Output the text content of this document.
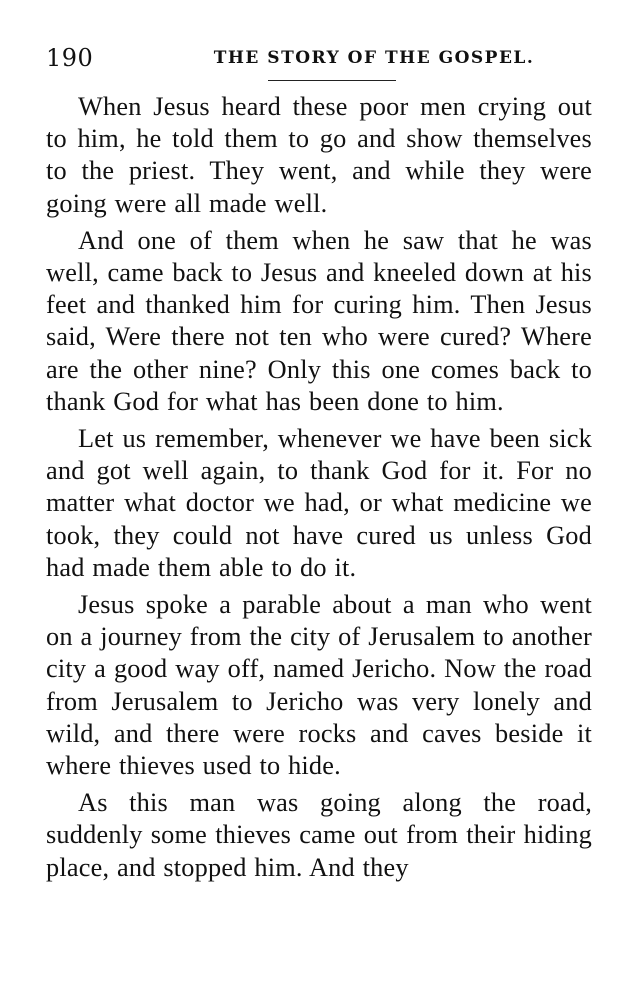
190	THE STORY OF THE GOSPEL.

When Jesus heard these poor men crying out to him, he told them to go and show themselves to the priest. They went, and while they were going were all made well.

And one of them when he saw that he was well, came back to Jesus and kneeled down at his feet and thanked him for curing him. Then Jesus said, Were there not ten who were cured? Where are the other nine? Only this one comes back to thank God for what has been done to him.

Let us remember, whenever we have been sick and got well again, to thank God for it. For no matter what doctor we had, or what medicine we took, they could not have cured us unless God had made them able to do it.

Jesus spoke a parable about a man who went on a journey from the city of Jerusalem to another city a good way off, named Jericho. Now the road from Jerusalem to Jericho was very lonely and wild, and there were rocks and caves beside it where thieves used to hide.

As this man was going along the road, suddenly some thieves came out from their hiding place, and stopped him. And they
